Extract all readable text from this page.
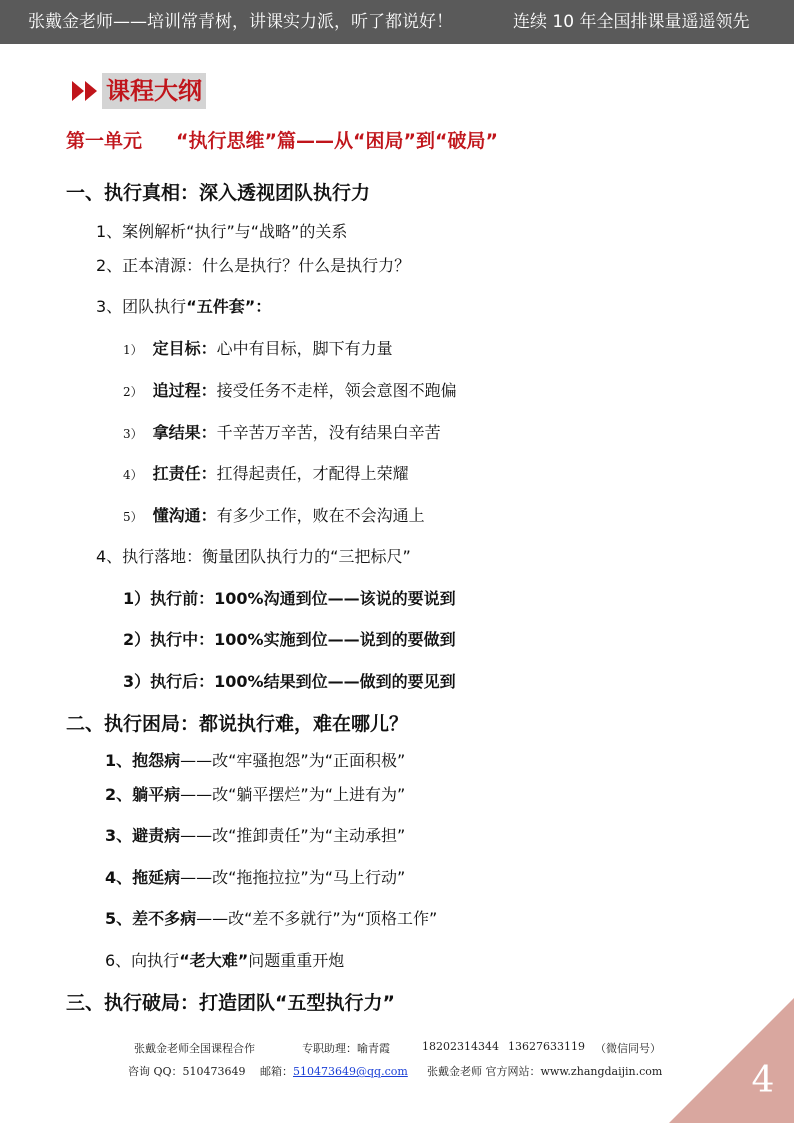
张戴金老师——培训常青树，讲课实力派，听了都说好！	连续 10 年全国排课量遥遥领先
课程大纲
第一单元 “执行思维”篇——从“困局”到“破局”
一、执行真相：深入透视团队执行力
1、案例解析“执行”与“战略”的关系
2、正本清源：什么是执行？什么是执行力？
3、团队执行“五件套”：
1） 定目标：心中有目标，脚下有力量
2） 追过程：接受任务不走样，领会意图不跑偏
3） 拿结果：千辛苦万辛苦，没有结果白辛苦
4） 扛责任：扛得起责任，才配得上荣耀
5） 懂沟通：有多少工作，败在不会沟通上
4、执行落地：衡量团队执行力的“三把标尺”
1）执行前：100%沟通到位——该说的要说到
2）执行中：100%实施到位——说到的要做到
3）执行后：100%结果到位——做到的要见到
二、执行困局：都说执行难，难在哪儿？
1、抱怨病——改“牢骚抱怨”为“正面积极”
2、躺平病——改“躺平摆烂”为“上进有为”
3、避责病——改“推卸责任”为“主动承担”
4、拖延病——改“拖拖拉拉”为“马上行动”
5、差不多病——改“差不多就行”为“顶格工作”
6、向执行“老大难”问题重重开炮
三、执行破局：打造团队“五型执行力”
张戴金老师全国课程合作	专职助理：喻青霞	18202314344 13627633119 （微信同号）
咨询 QQ：510473649 邮箱：510473649@qq.com 张戴金老师 官方网站：www.zhangdaijin.com 4
